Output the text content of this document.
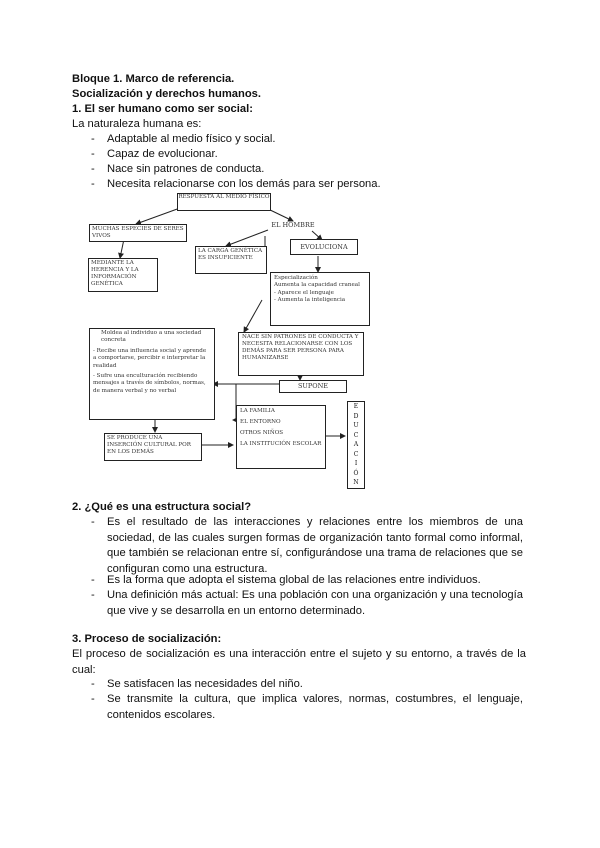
Bloque 1. Marco de referencia.
Socialización y derechos humanos.
1. El ser humano como ser social:
La naturaleza humana es:
- Adaptable al medio físico y social.
- Capaz de evolucionar.
- Nace sin patrones de conducta.
- Necesita relacionarse con los demás para ser persona.
RESPUESTA AL MEDIO FÍSICO
MUCHAS ESPECIES DE SERES VIVOS
EL HOMBRE
LA CARGA GENÉTICA ES INSUFICIENTE
MEDIANTE LA HERENCIA Y LA INFORMACIÓN GENÉTICA
EVOLUCIONA
Especialización
Aumenta la capacidad craneal
- Aparece el lenguaje
- Aumenta la inteligencia
Moldea al individuo a una sociedad concreta
- Recibe una influencia social y aprende a comportarse, percibir e interpretar la realidad
- Sufre una enculturación recibiendo mensajes a través de símbolos, normas, de manera verbal y no verbal
NACE SIN PATRONES DE CONDUCTA Y NECESITA RELACIONARSE CON LOS DEMÁS PARA SER PERSONA PARA HUMANIZARSE
SUPONE
SE PRODUCE UNA INSERCIÓN CULTURAL POR EN LOS DEMÁS
LA FAMILIA
EL ENTORNO
OTROS NIÑOS
LA INSTITUCIÓN ESCOLAR
E
D
U
C
A
C
I
Ó
N
2. ¿Qué es una estructura social?
- Es el resultado de las interacciones y relaciones entre los miembros de una sociedad, de las cuales surgen formas de organización tanto formal como informal, que también se relacionan entre sí, configurándose una trama de relaciones que se configuran como una estructura.
- Es la forma que adopta el sistema global de las relaciones entre individuos.
- Una definición más actual: Es una población con una organización y una tecnología que vive y se desarrolla en un entorno determinado.
3. Proceso de socialización:
El proceso de socialización es una interacción entre el sujeto y su entorno, a través de la cual:
- Se satisfacen las necesidades del niño.
- Se transmite la cultura, que implica valores, normas, costumbres, el lenguaje, contenidos escolares.
